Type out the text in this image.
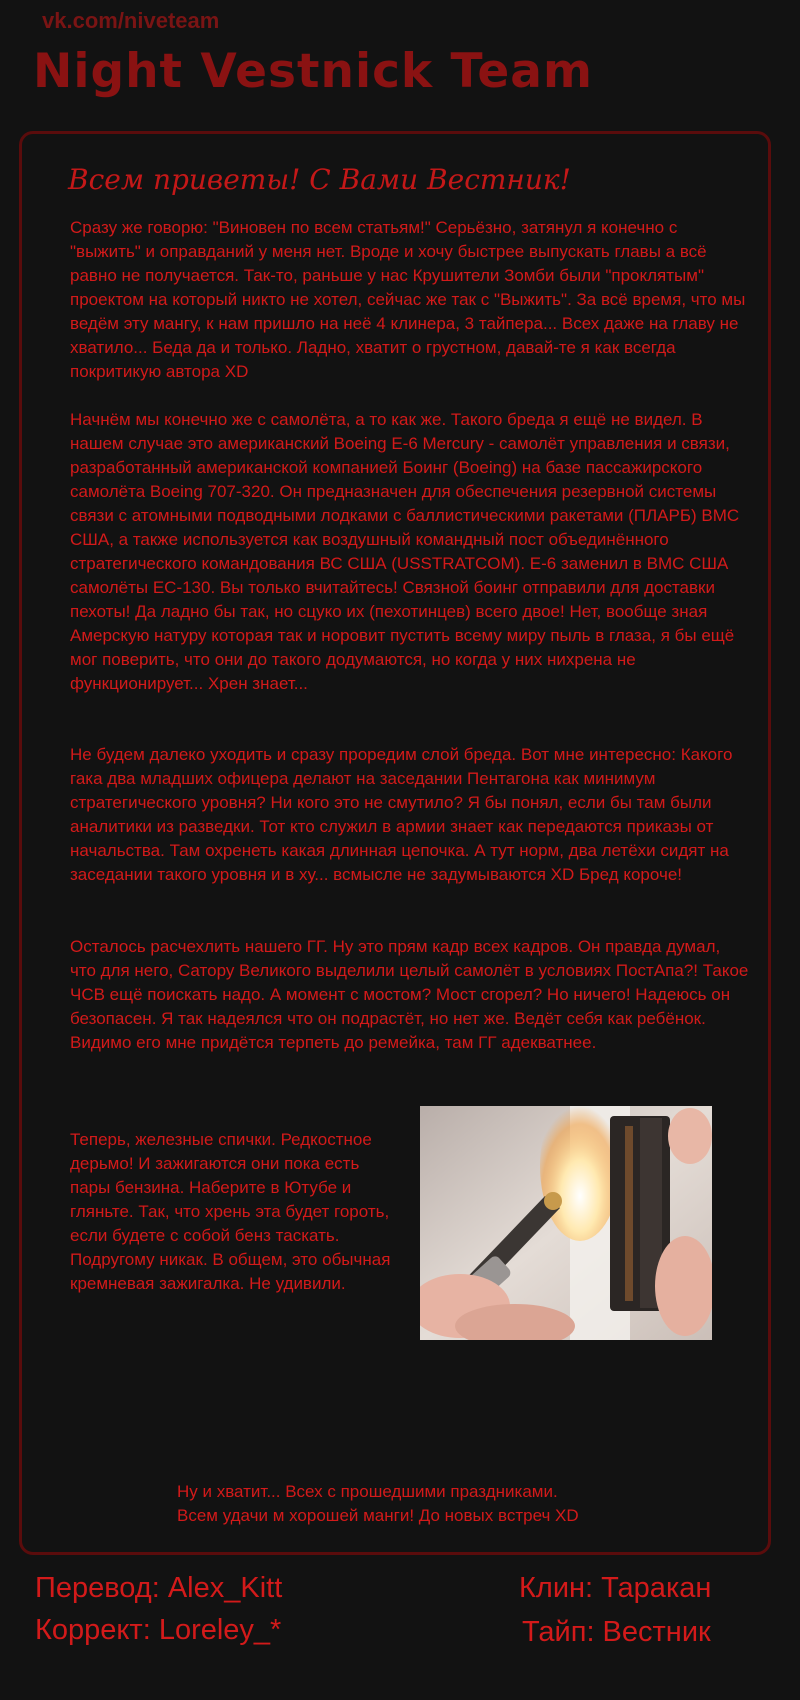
vk.com/niveteam
Night Vestnick Team
Всем приветы! С Вами Вестник!

Сразу же говорю: "Виновен по всем статьям!" Серьёзно, затянул я конечно с "выжить" и оправданий у меня нет. Вроде и хочу быстрее выпускать главы а всё равно не получается. Так-то, раньше у нас Крушители Зомби были "проклятым" проектом на который никто не хотел, сейчас же так с "Выжить". За всё время, что мы ведём эту мангу, к нам пришло на неё 4 клинера, 3 тайпера... Всех даже на главу не хватило... Беда да и только. Ладно, хватит о грустном, давай-те я как всегда покритикую автора XD

Начнём мы конечно же с самолёта, а то как же. Такого бреда я ещё не видел. В нашем случае это американский Boeing E-6 Mercury - самолёт управления и связи, разработанный американской компанией Боинг (Boeing) на базе пассажирского самолёта Boeing 707-320. Он предназначен для обеспечения резервной системы связи с атомными подводными лодками с баллистическими ракетами (ПЛАРБ) ВМС США, а также используется как воздушный командный пост объединённого стратегического командования ВС США (USSTRATCOM). E-6 заменил в ВМС США самолёты EC-130. Вы только вчитайтесь! Связной боинг отправили для доставки пехоты! Да ладно бы так, но сцуко их (пехотинцев) всего двое! Нет, вообще зная Амерскую натуру которая так и норовит пустить всему миру пыль в глаза, я бы ещё мог поверить, что они до такого додумаются, но когда у них нихрена не функционирует... Хрен знает...

Не будем далеко уходить и сразу проредим слой бреда. Вот мне интересно: Какого гака два младших офицера делают на заседании Пентагона как минимум стратегического уровня? Ни кого это не смутило? Я бы понял, если бы там были аналитики из разведки. Тот кто служил в армии знает как передаются приказы от начальства. Там охренеть какая длинная цепочка. А тут норм, два летёхи сидят на заседании такого уровня и в ху... всмысле не задумываются XD Бред короче!

Осталось расчехлить нашего ГГ. Ну это прям кадр всех кадров. Он правда думал, что для него, Сатору Великого выделили целый самолёт в условиях ПостАпа?! Такое ЧСВ ещё поискать надо. А момент с мостом? Мост сгорел? Но ничего! Надеюсь он безопасен. Я так надеялся что он подрастёт, но нет же. Ведёт себя как ребёнок. Видимо его мне придётся терпеть до ремейка, там ГГ адекватнее.

Теперь, железные спички. Редкостное дерьмо! И зажигаются они пока есть пары бензина. Наберите в Ютубе и гляньте. Так, что хрень эта будет гороть, если будете с собой бенз таскать. Подругому никак. В общем, это обычная кремневая зажигалка. Не удивили.

Ну и хватит... Всех с прошедшими праздниками.

Всем удачи м хорошей манги! До новых встреч XD

Перевод: Alex_Kitt
Коррект: Loreley_*
Клин: Таракан
Тайп: Вестник
